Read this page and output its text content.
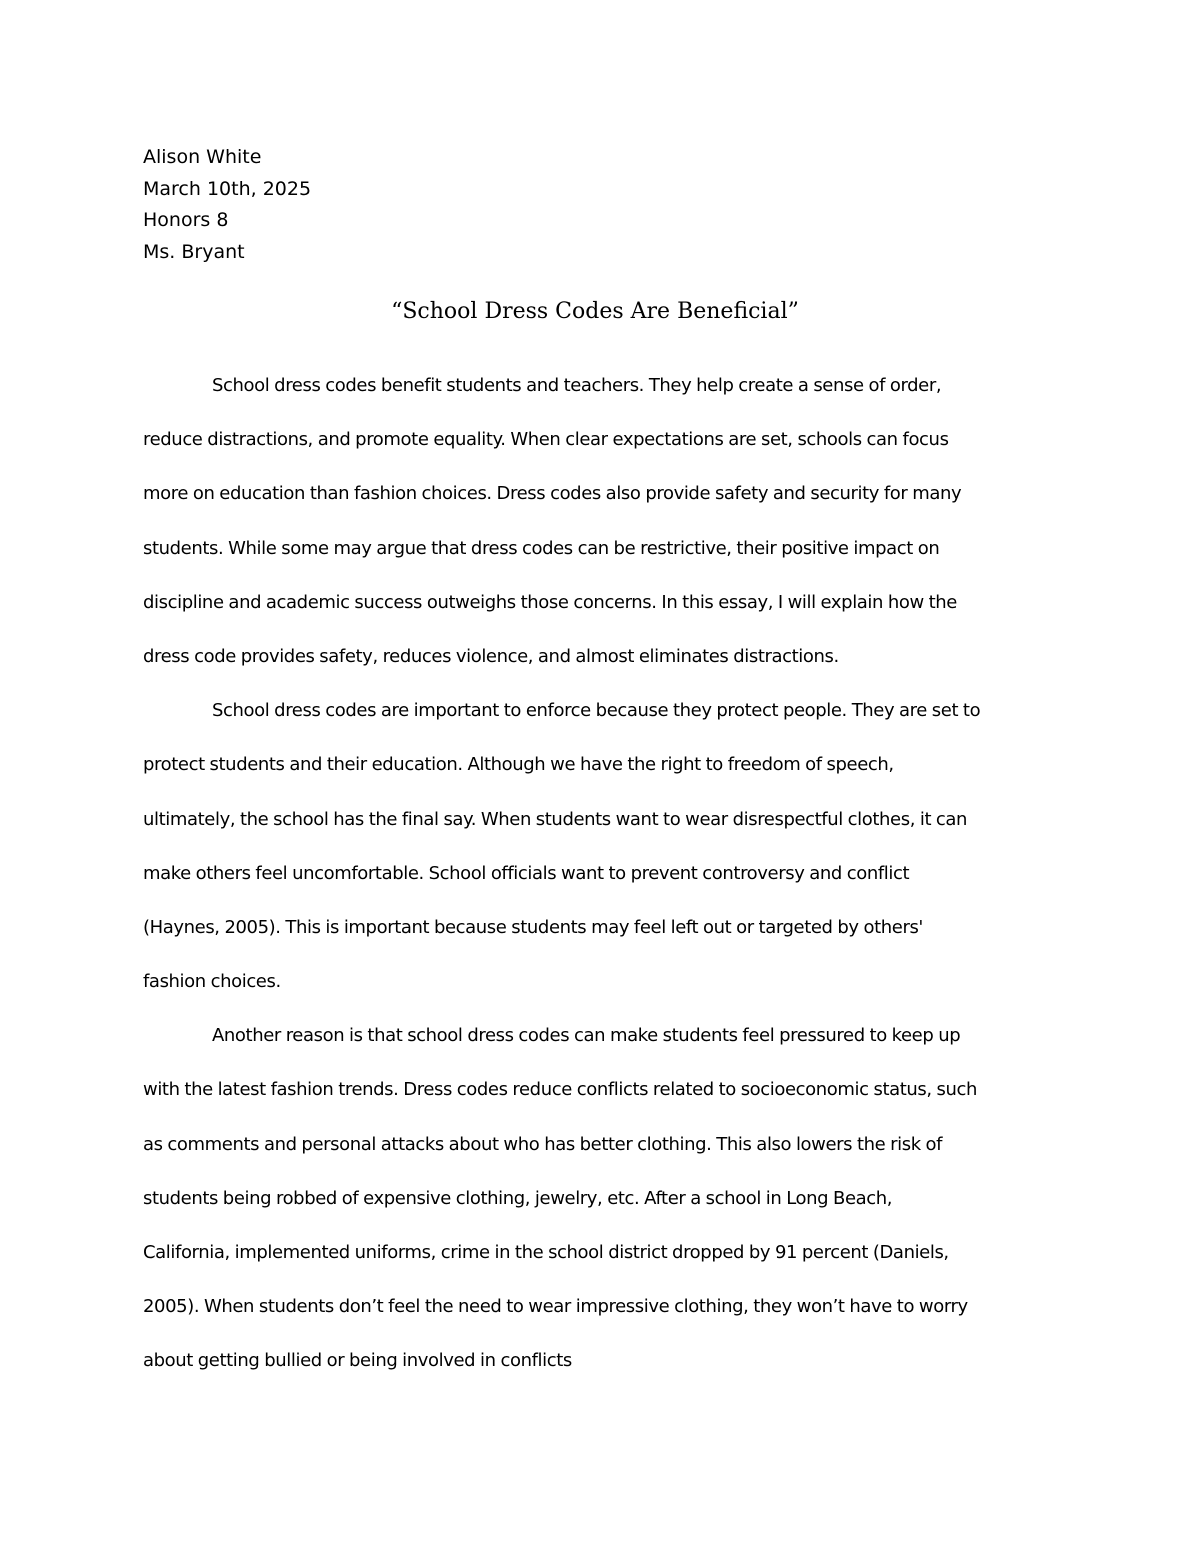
Alison White
March 10th, 2025
Honors 8
Ms. Bryant
“School Dress Codes Are Beneficial”
School dress codes benefit students and teachers. They help create a sense of order,
reduce distractions, and promote equality. When clear expectations are set, schools can focus
more on education than fashion choices. Dress codes also provide safety and security for many
students. While some may argue that dress codes can be restrictive, their positive impact on
discipline and academic success outweighs those concerns. In this essay, I will explain how the
dress code provides safety, reduces violence, and almost eliminates distractions.
School dress codes are important to enforce because they protect people. They are set to
protect students and their education. Although we have the right to freedom of speech,
ultimately, the school has the final say. When students want to wear disrespectful clothes, it can
make others feel uncomfortable. School officials want to prevent controversy and conflict
(Haynes, 2005). This is important because students may feel left out or targeted by others'
fashion choices.
Another reason is that school dress codes can make students feel pressured to keep up
with the latest fashion trends. Dress codes reduce conflicts related to socioeconomic status, such
as comments and personal attacks about who has better clothing. This also lowers the risk of
students being robbed of expensive clothing, jewelry, etc. After a school in Long Beach,
California, implemented uniforms, crime in the school district dropped by 91 percent (Daniels,
2005). When students don’t feel the need to wear impressive clothing, they won’t have to worry
about getting bullied or being involved in conflicts
